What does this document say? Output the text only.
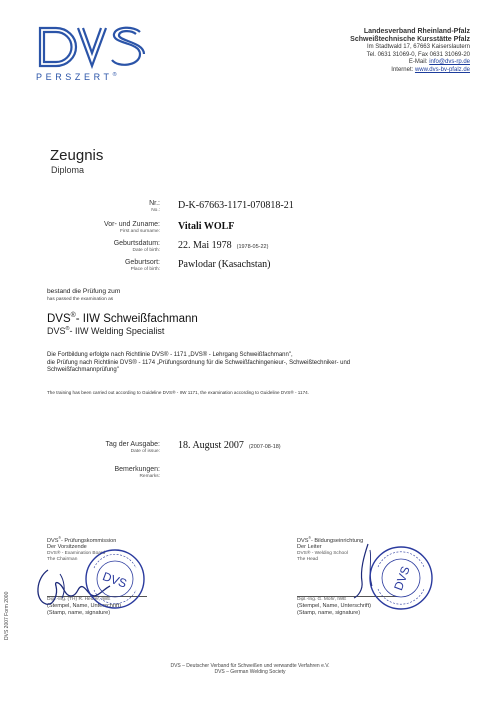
PERSZERT®
Landesverband Rheinland-Pfalz
Schweißtechnische Kursstätte Pfalz
Im Stadtwald 17, 67663 Kaiserslautern
Tel. 0631 31069-0, Fax 0631 31069-20
E-Mail: info@dvs-rp.de
Internet: www.dvs-bv-pfalz.de
Zeugnis
Diploma
Nr.:
No.: D-K-67663-1171-070818-21
Vor- und Zuname:
First and surname: Vitali WOLF
Geburtsdatum:
Date of birth: 22. Mai 1978 (1978-05-22)
Geburtsort:
Place of birth: Pawlodar (Kasachstan)
bestand die Prüfung zum
has passed the examination as
DVS®- IIW Schweißfachmann
DVS®- IIW Welding Specialist
Die Fortbildung erfolgte nach Richtlinie DVS® - 1171 „DVS® - Lehrgang Schweißfachmann",
die Prüfung nach Richtlinie DVS® - 1174 „Prüfungsordnung für die Schweißfachingenieur-, Schweißtechniker- und
Schweißfachmannprüfung"
The training has been carried out according to Guideline DVS® - IIW 1171, the examination according to Guideline DVS® - 1174.
Tag der Ausgabe:
Date of issue:
18. August 2007 (2007-08-18)
Bemerkungen:
Remarks:
DVS®- Prüfungskommission
Der Vorsitzende
DVS® - Examination Board
The Chairman
Dipl.-Ing. (TH) R. Heuter, IWE
(Stempel, Name, Unterschrift)
(Stamp, name, signature)
DVS
DVS®- Bildungseinrichtung
Der Leiter
DVS® - Welding School
The Head
Dipl.-Ing. G. Mohr, IWE
(Stempel, Name, Unterschrift)
(Stamp, name, signature)
DVS
DVS 2007 Form 2000
DVS – Deutscher Verband für Schweißen und verwandte Verfahren e.V.
DVS – German Welding Society
